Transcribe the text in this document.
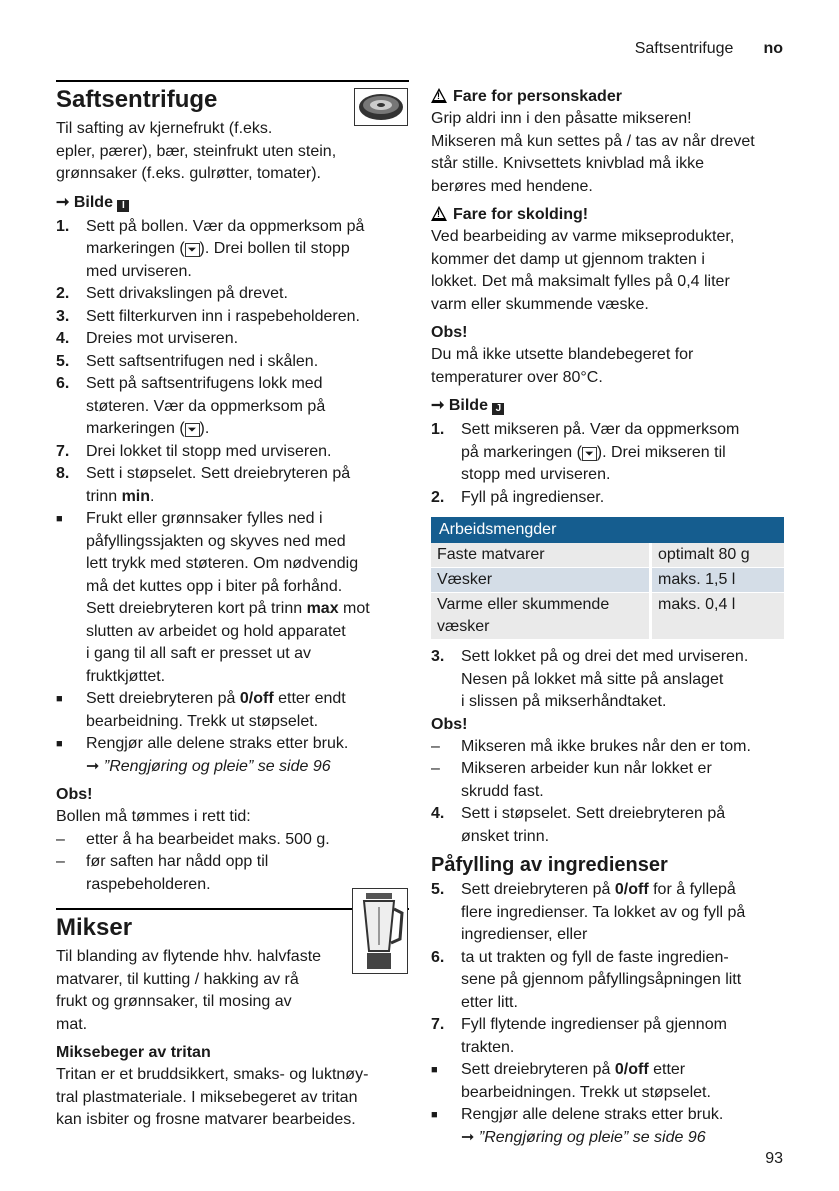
Saftsentrifuge no
Saftsentrifuge

Til safting av kjernefrukt (f.eks.
epler, pærer), bær, steinfrukt uten stein,
grønnsaker (f.eks. gulrøtter, tomater).

➞ Bilde I
1.	Sett på bollen. Vær da oppmerksom på
markeringen ( ⏷ ). Drei bollen til stopp
med urviseren.
2.	Sett drivakslingen på drevet.
3.	Sett filterkurven inn i raspebeholderen.
4.	Dreies mot urviseren.
5.	Sett saftsentrifugen ned i skålen.
6.	Sett på saftsentrifugens lokk med
støteren. Vær da oppmerksom på
markeringen ( ⏷ ).
7.	Drei lokket til stopp med urviseren.
8.	Sett i støpselet. Sett dreiebryteren på
trinn min.
■	Frukt eller grønnsaker fylles ned i
påfyllingssjakten og skyves ned med
lett trykk med støteren. Om nødvendig
må det kuttes opp i biter på forhånd.
Sett dreiebryteren kort på trinn max mot
slutten av arbeidet og hold apparatet
i gang til all saft er presset ut av
fruktkjøttet.
■	Sett dreiebryteren på 0/off etter endt
bearbeidning. Trekk ut støpselet.
■	Rengjør alle delene straks etter bruk.
➞ ”Rengjøring og pleie” se side 96
Obs!

Bollen må tømmes i rett tid:

–	etter å ha bearbeidet maks. 500 g.
–	før saften har nådd opp til
raspebeholderen.
Mikser

Til blanding av flytende hhv. halvfaste
matvarer, til kutting / hakking av rå
frukt og grønnsaker, til mosing av
mat.

Miksebeger av tritan

Tritan er et bruddsikkert, smaks- og luktnøy-
tral plastmateriale. I miksebegeret av tritan
kan isbiter og frosne matvarer bearbeides.

!Fare for personskader

Grip aldri inn i den påsatte mikseren!
Mikseren må kun settes på / tas av når drevet
står stille. Knivsettets knivblad må ikke
berøres med hendene.

!Fare for skolding!

Ved bearbeiding av varme mikseprodukter,
kommer det damp ut gjennom trakten i
lokket. Det må maksimalt fylles på 0,4 liter
varm eller skummende væske.

Obs!

Du må ikke utsette blandebegeret for
temperaturer over 80°C.

➞ Bilde J
1.	Sett mikseren på. Vær da oppmerksom
på markeringen ( ⏷ ). Drei mikseren til
stopp med urviseren.
2.	Fyll på ingredienser.
Arbeidsmengder	
Faste matvarer	optimalt 80 g
Væsker	maks. 1,5 l
Varme eller skummende væsker	maks. 0,4 l
3.	Sett lokket på og drei det med urviseren.
Nesen på lokket må sitte på anslaget
i slissen på mikserhåndtaket.
Obs!
–	Mikseren må ikke brukes når den er tom.
–	Mikseren arbeider kun når lokket er
skrudd fast.
4.	Sett i støpselet. Sett dreiebryteren på
ønsket trinn.
Påfylling av ingredienser
5.	Sett dreiebryteren på 0/off for å fyllepå
flere ingredienser. Ta lokket av og fyll på
ingredienser, eller
6.	ta ut trakten og fyll de faste ingredien-
sene på gjennom påfyllingsåpningen litt
etter litt.
7.	Fyll flytende ingredienser på gjennom
trakten.
■	Sett dreiebryteren på 0/off etter
bearbeidningen. Trekk ut støpselet.
■	Rengjør alle delene straks etter bruk.
➞ ”Rengjøring og pleie” se side 96
93
